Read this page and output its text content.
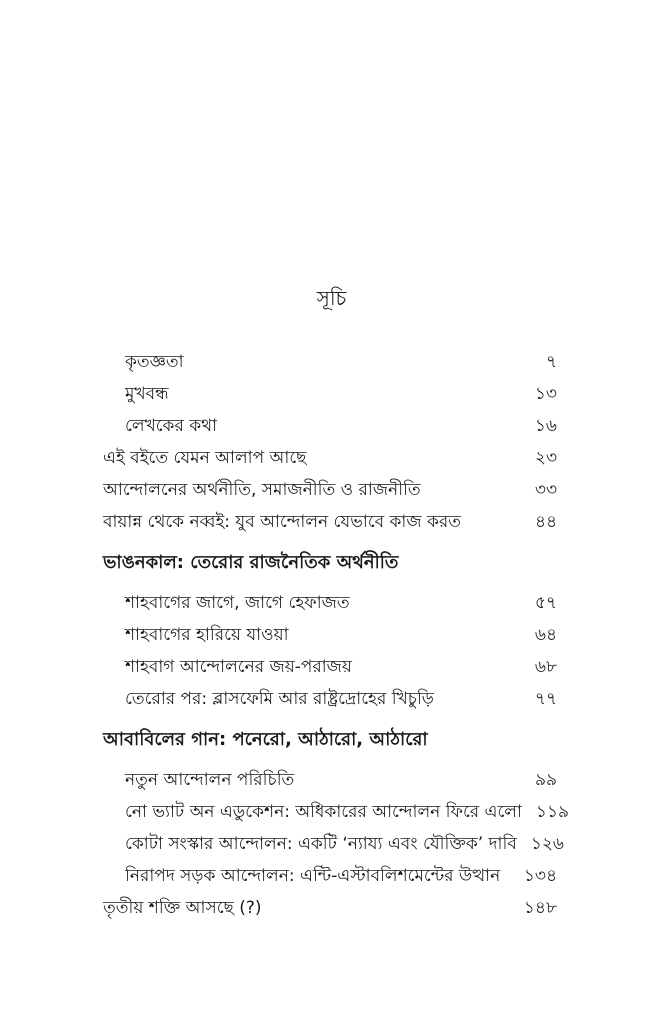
সূচি
কৃতজ্ঞতা	৭
মুখবন্ধ	১৩
লেখকের কথা	১৬
এই বইতে যেমন আলাপ আছে	২৩
আন্দোলনের অর্থনীতি, সমাজনীতি ও রাজনীতি	৩৩
বায়ান্ন থেকে নব্বই: যুব আন্দোলন যেভাবে কাজ করত	৪৪
ভাঙনকাল: তেরোর রাজনৈতিক অর্থনীতি
শাহবাগের জাগে, জাগে হেফাজত	৫৭
শাহবাগের হারিয়ে যাওয়া	৬৪
শাহবাগ আন্দোলনের জয়-পরাজয়	৬৮
তেরোর পর: ব্লাসফেমি আর রাষ্ট্রদ্রোহের খিচুড়ি	৭৭
আবাবিলের গান: পনেরো, আঠারো, আঠারো
নতুন আন্দোলন পরিচিতি	৯৯
নো ভ্যাট অন এডুকেশন: অধিকারের আন্দোলন ফিরে এলো ১১৯
কোটা সংস্কার আন্দোলন: একটি ‘ন্যায্য এবং যৌক্তিক’ দাবি ১২৬
নিরাপদ সড়ক আন্দোলন: এন্টি-এস্টাবলিশমেন্টের উত্থান ১৩৪
তৃতীয় শক্তি আসছে (?)	১৪৮
